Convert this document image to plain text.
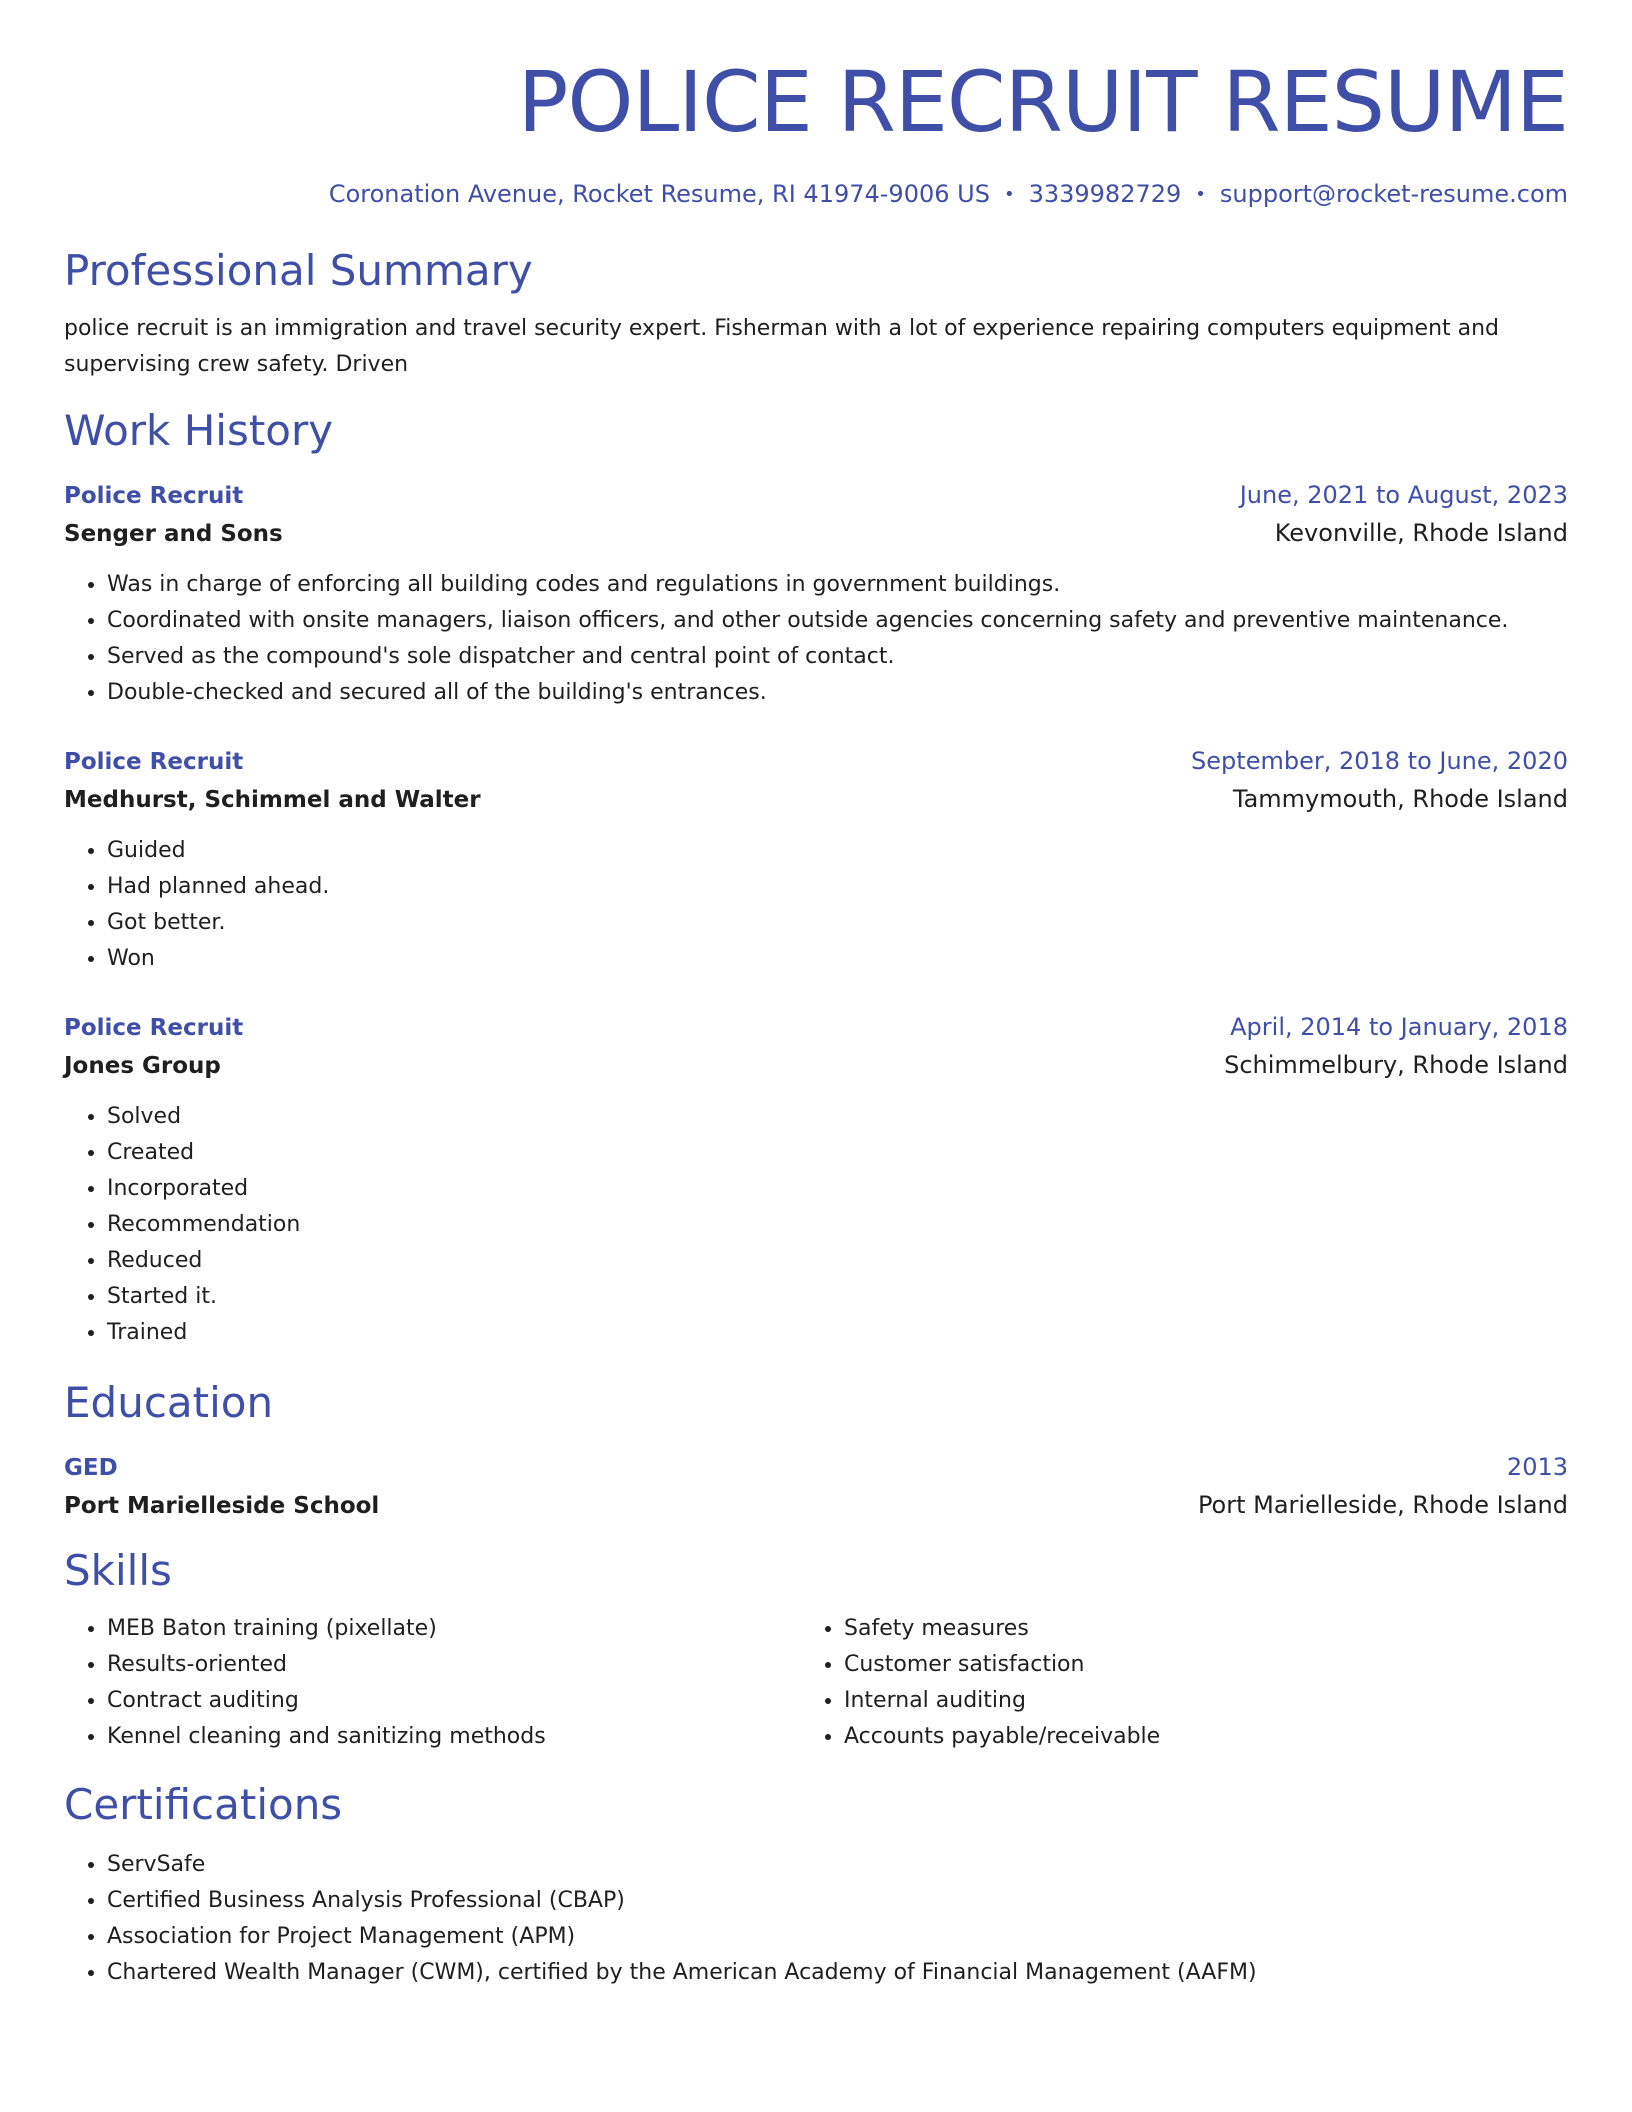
POLICE RECRUIT RESUME
Coronation Avenue, Rocket Resume, RI 41974-9006 US • 3339982729 • support@rocket-resume.com
Professional Summary

police recruit is an immigration and travel security expert. Fisherman with a lot of experience repairing computers equipment and supervising crew safety. Driven

Work History
Police Recruit	June, 2021 to August, 2023
Senger and Sons	Kevonville, Rhode Island
• Was in charge of enforcing all building codes and regulations in government buildings.
• Coordinated with onsite managers, liaison officers, and other outside agencies concerning safety and preventive maintenance.
• Served as the compound's sole dispatcher and central point of contact.
• Double-checked and secured all of the building's entrances.
Police Recruit	September, 2018 to June, 2020
Medhurst, Schimmel and Walter	Tammymouth, Rhode Island
• Guided
• Had planned ahead.
• Got better.
• Won
Police Recruit	April, 2014 to January, 2018
Jones Group	Schimmelbury, Rhode Island
• Solved
• Created
• Incorporated
• Recommendation
• Reduced
• Started it.
• Trained
Education
GED	2013
Port Marielleside School	Port Marielleside, Rhode Island
Skills
• MEB Baton training (pixellate)
• Results-oriented
• Contract auditing
• Kennel cleaning and sanitizing methods
• Safety measures
• Customer satisfaction
• Internal auditing
• Accounts payable/receivable
Certifications
• ServSafe
• Certified Business Analysis Professional (CBAP)
• Association for Project Management (APM)
• Chartered Wealth Manager (CWM), certified by the American Academy of Financial Management (AAFM)
